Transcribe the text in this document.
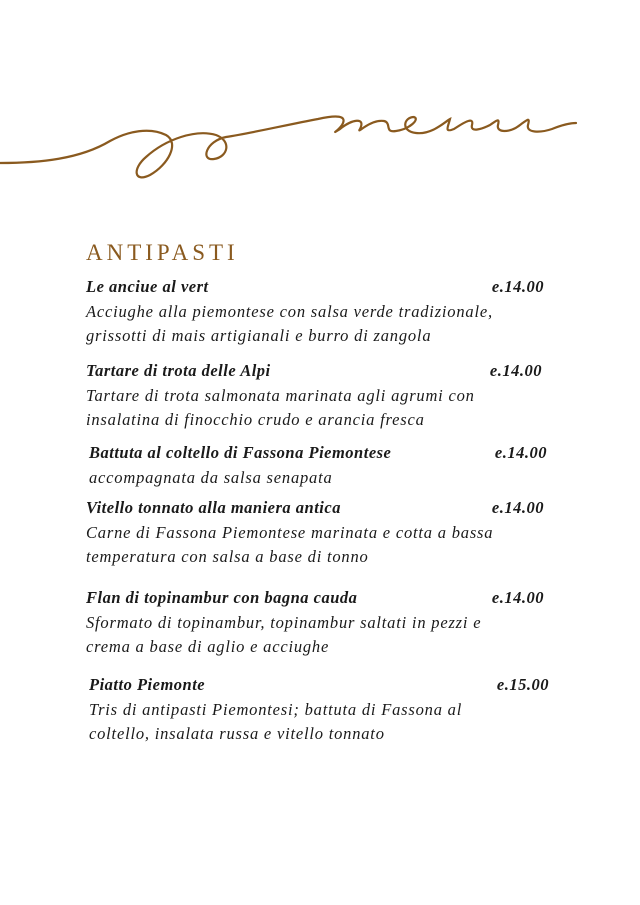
ANTIPASTI
Le anciue al vert	e.14.00
Acciughe alla piemontese con salsa verde tradizionale,
grissotti di mais artigianali e burro di zangola
Tartare di trota delle Alpi	e.14.00
Tartare di trota salmonata marinata agli agrumi con
insalatina di finocchio crudo e arancia fresca
Battuta al coltello di Fassona Piemontese	e.14.00
accompagnata da salsa senapata
Vitello tonnato alla maniera antica	e.14.00
Carne di Fassona Piemontese marinata e cotta a bassa
temperatura con salsa a base di tonno
Flan di topinambur con bagna cauda	e.14.00
Sformato di topinambur, topinambur saltati in pezzi e
crema a base di aglio e acciughe
Piatto Piemonte	e.15.00
Tris di antipasti Piemontesi; battuta di Fassona al
coltello, insalata russa e vitello tonnato
